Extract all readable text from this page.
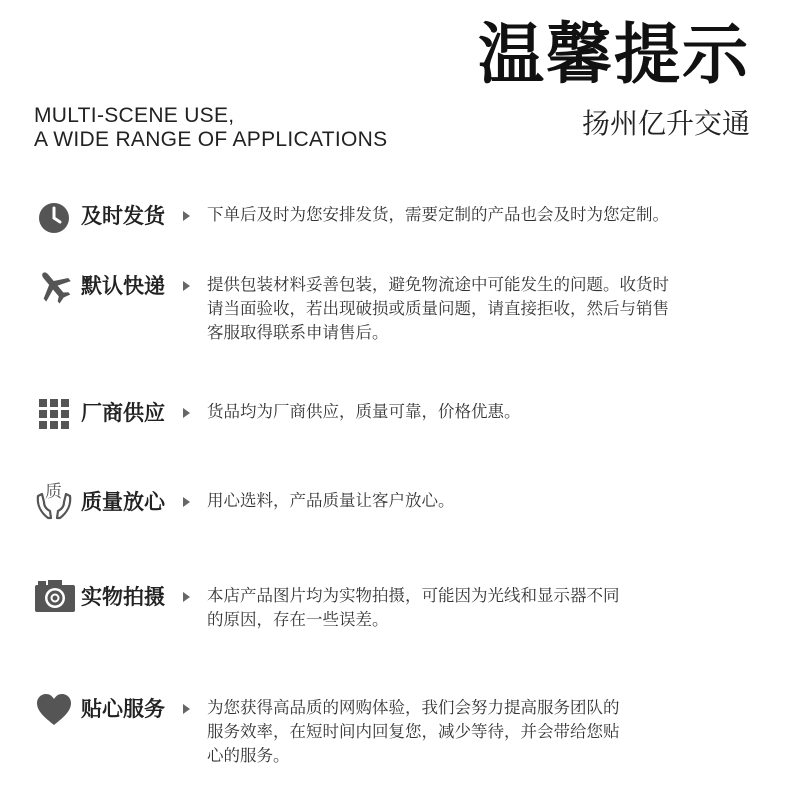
温馨提示
扬州亿升交通
MULTI-SCENE USE,
A WIDE RANGE OF APPLICATIONS
及时发货	下单后及时为您安排发货，需要定制的产品也会及时为您定制。
默认快递	提供包装材料妥善包装，避免物流途中可能发生的问题。收货时
请当面验收，若出现破损或质量问题，请直接拒收，然后与销售
客服取得联系申请售后。
厂商供应	货品均为厂商供应，质量可靠，价格优惠。
质 质量放心	用心选料，产品质量让客户放心。
实物拍摄	本店产品图片均为实物拍摄，可能因为光线和显示器不同
的原因，存在一些误差。
贴心服务	为您获得高品质的网购体验，我们会努力提高服务团队的
服务效率，在短时间内回复您，减少等待，并会带给您贴
心的服务。
